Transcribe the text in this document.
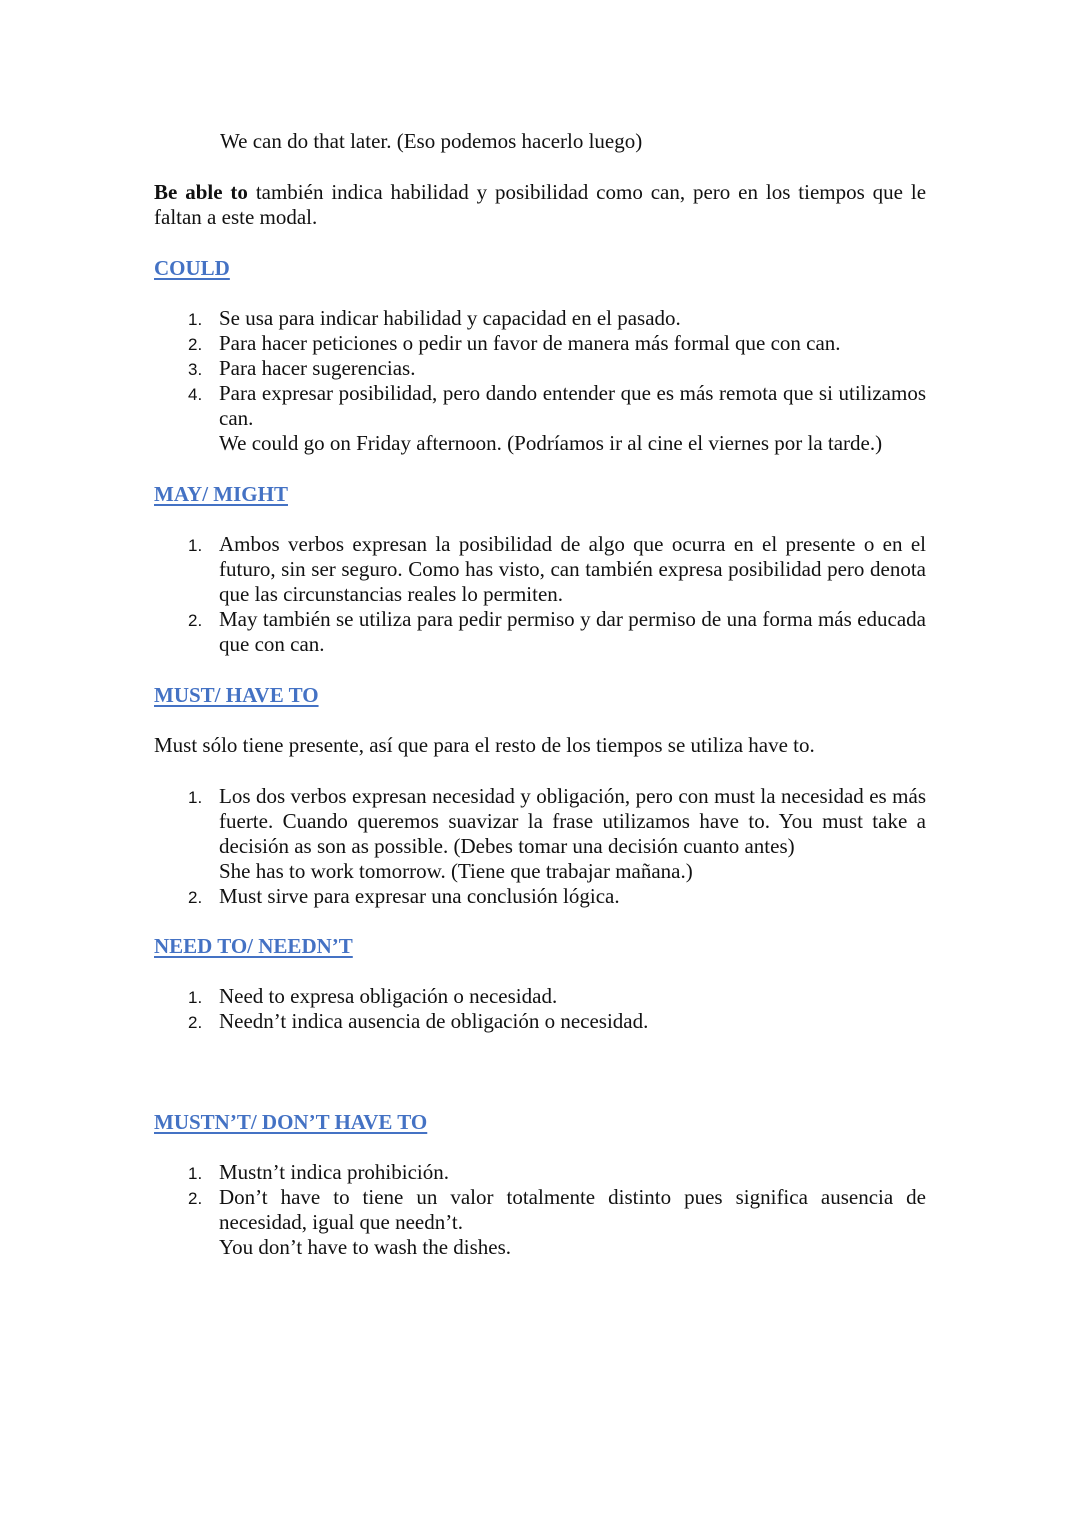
We can do that later. (Eso podemos hacerlo luego)

Be able to también indica habilidad y posibilidad como can, pero en los tiempos que le faltan a este modal.

COULD
1. Se usa para indicar habilidad y capacidad en el pasado.
2. Para hacer peticiones o pedir un favor de manera más formal que con can.
3. Para hacer sugerencias.
4. Para expresar posibilidad, pero dando entender que es más remota que si utilizamos can.
We could go on Friday afternoon. (Podríamos ir al cine el viernes por la tarde.)
MAY/ MIGHT
1. Ambos verbos expresan la posibilidad de algo que ocurra en el presente o en el futuro, sin ser seguro. Como has visto, can también expresa posibilidad pero denota que las circunstancias reales lo permiten.
2. May también se utiliza para pedir permiso y dar permiso de una forma más educada que con can.
MUST/ HAVE TO

Must sólo tiene presente, así que para el resto de los tiempos se utiliza have to.

1. Los dos verbos expresan necesidad y obligación, pero con must la necesidad es más fuerte. Cuando queremos suavizar la frase utilizamos have to. You must take a decisión as son as possible. (Debes tomar una decisión cuanto antes)
She has to work tomorrow. (Tiene que trabajar mañana.)
2. Must sirve para expresar una conclusión lógica.
NEED TO/ NEEDN’T
1. Need to expresa obligación o necesidad.
2. Needn’t indica ausencia de obligación o necesidad.
MUSTN’T/ DON’T HAVE TO
1. Mustn’t indica prohibición.
2. Don’t have to tiene un valor totalmente distinto pues significa ausencia de necesidad, igual que needn’t.
You don’t have to wash the dishes.
